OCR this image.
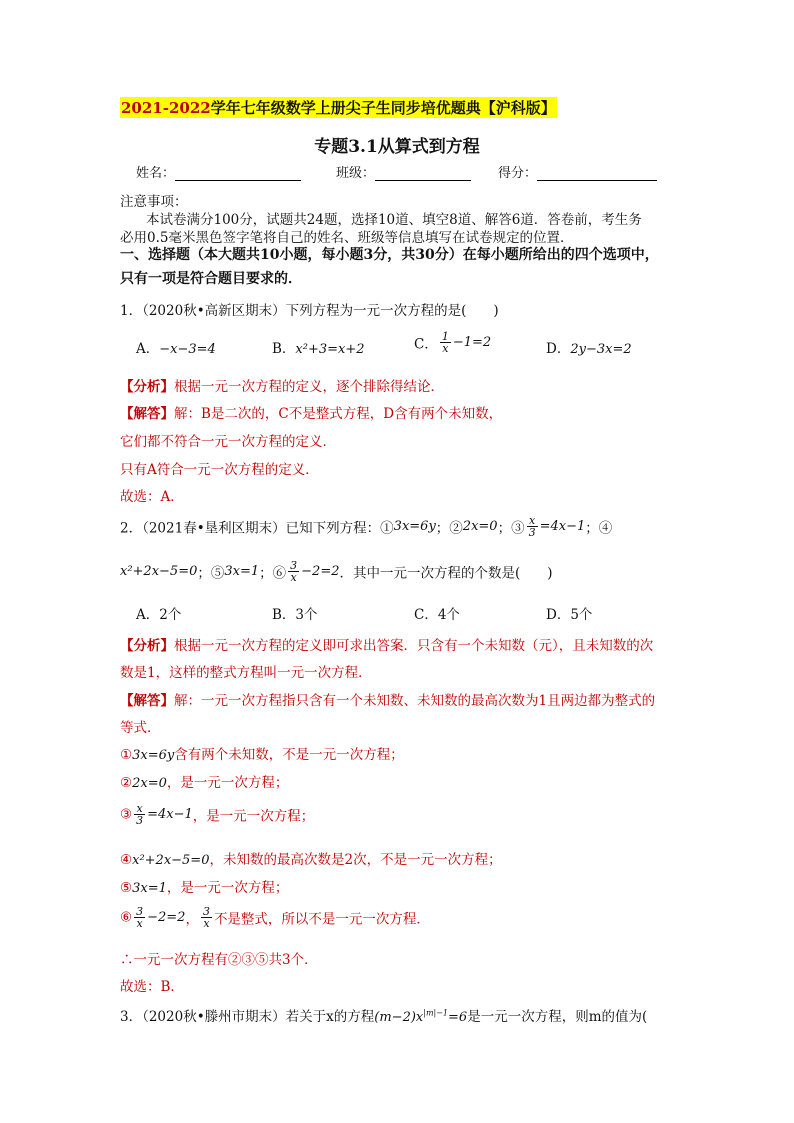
2021-2022学年七年级数学上册尖子生同步培优题典【沪科版】
专题3.1从算式到方程
姓名：	班级：	得分：
注意事项：
本试卷满分100分，试题共24题，选择10道、填空8道、解答6道．答卷前，考生务
必用0.5毫米黑色签字笔将自己的姓名、班级等信息填写在试卷规定的位置．
一、选择题（本大题共10小题，每小题3分，共30分）在每小题所给出的四个选项中，
只有一项是符合题目要求的．
1．（2020秋•高新区期末）下列方程为一元一次方程的是(　　)
A．−x−3=4	B．x²+3=x+2	C． $\frac{1}{x} -1=2$	D．2y−3x=2
【分析】根据一元一次方程的定义，逐个排除得结论．
【解答】解：B是二次的，C不是整式方程，D含有两个未知数，
它们都不符合一元一次方程的定义．
只有A符合一元一次方程的定义．
故选：A．
2．（2021春•垦利区期末）已知下列方程：①3x=6y；②2x=0；③ $\frac{x}{3} =4x-1$；④
x²+2x−5=0；⑤3x=1；⑥ $\frac{3}{x} -2=2$．其中一元一次方程的个数是(　　)
A．2个	B．3个	C．4个	D．5个
【分析】根据一元一次方程的定义即可求出答案．只含有一个未知数（元），且未知数的次
数是1，这样的整式方程叫一元一次方程．
【解答】解：一元一次方程指只含有一个未知数、未知数的最高次数为1且两边都为整式的
等式．
①3x=6y含有两个未知数，不是一元一次方程；
②2x=0，是一元一次方程；
③ $\frac{x}{3} =4x-1$，是一元一次方程；
④x²+2x−5=0，未知数的最高次数是2次，不是一元一次方程；
⑤3x=1，是一元一次方程；
⑥ $\frac{3}{x} -2=2$， $\frac{3}{x}$ 不是整式，所以不是一元一次方程．
∴一元一次方程有②③⑤共3个．
故选：B．
3．（2020秋•滕州市期末）若关于x的方程$(m-2)x^{|m|-1}=6$是一元一次方程，则m的值为(
